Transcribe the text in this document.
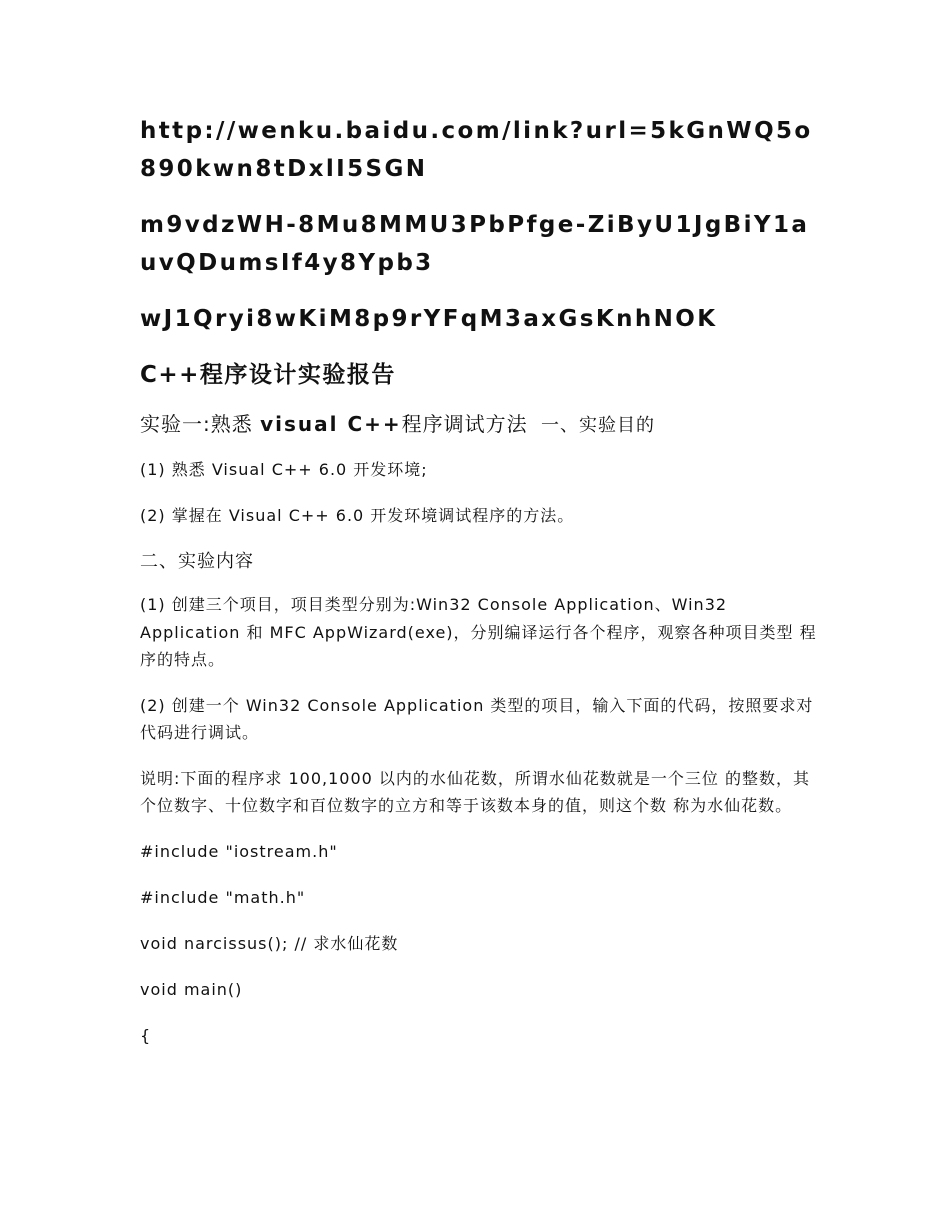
http://wenku.baidu.com/link?url=5kGnWQ5o890kwn8tDxlI5SGN
m9vdzWH-8Mu8MMU3PbPfge-ZiByU1JgBiY1auvQDumsIf4y8Ypb3
wJ1Qryi8wKiM8p9rYFqM3axGsKnhNOK
C++程序设计实验报告
实验一:熟悉 visual C++程序调试方法 一、实验目的
(1) 熟悉 Visual C++ 6.0 开发环境;
(2) 掌握在 Visual C++ 6.0 开发环境调试程序的方法。
二、实验内容
(1) 创建三个项目，项目类型分别为:Win32 Console Application、Win32 Application 和 MFC AppWizard(exe)，分别编译运行各个程序，观察各种项目类型 程序的特点。
(2) 创建一个 Win32 Console Application 类型的项目，输入下面的代码，按照要求对代码进行调试。
说明:下面的程序求 100,1000 以内的水仙花数，所谓水仙花数就是一个三位 的整数，其个位数字、十位数字和百位数字的立方和等于该数本身的值，则这个数 称为水仙花数。
#include "iostream.h"
#include "math.h"
void narcissus(); // 求水仙花数
void main()
{
